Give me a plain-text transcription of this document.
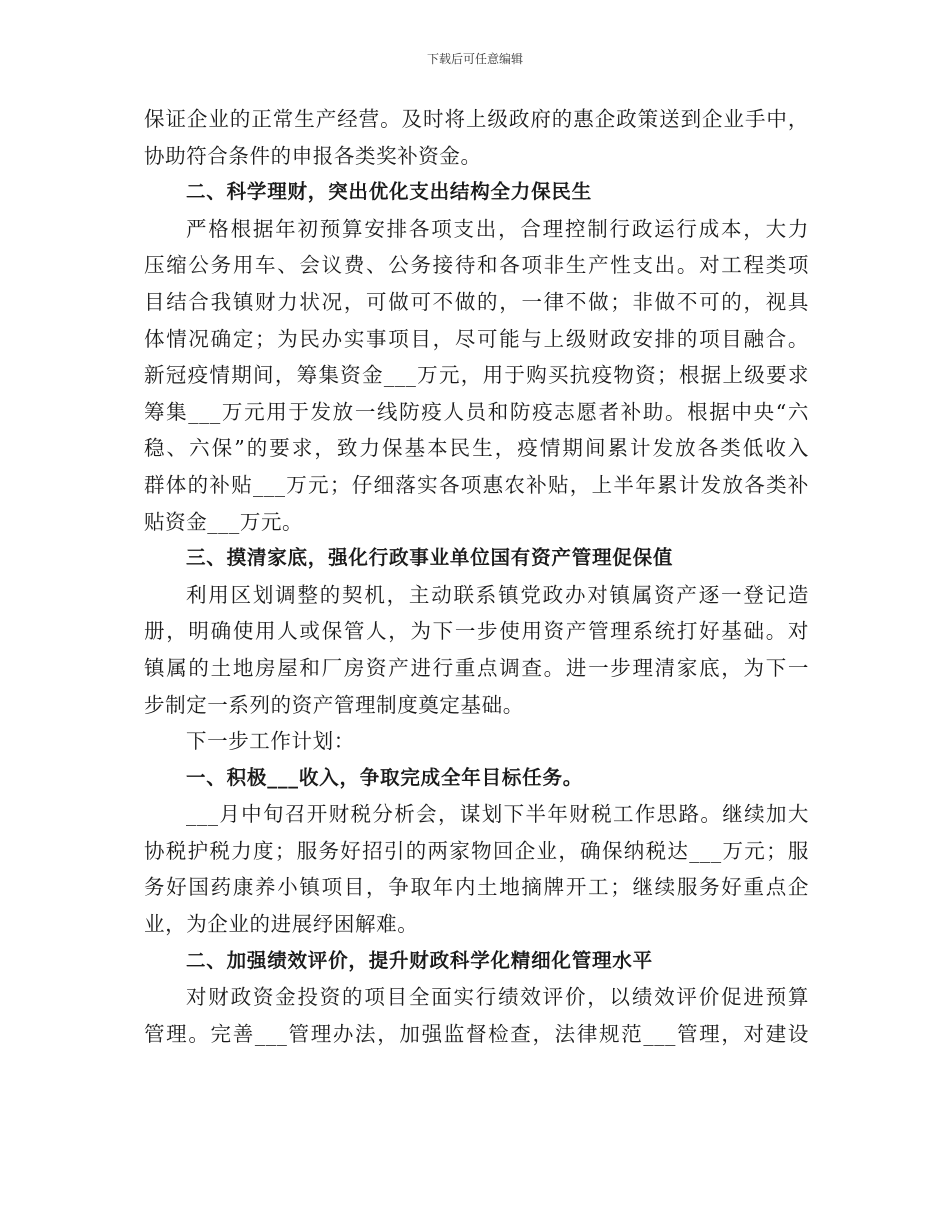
下载后可任意编辑
保证企业的正常生产经营。及时将上级政府的惠企政策送到企业手中，
协助符合条件的申报各类奖补资金。
二、科学理财，突出优化支出结构全力保民生
严格根据年初预算安排各项支出，合理控制行政运行成本，大力
压缩公务用车、会议费、公务接待和各项非生产性支出。对工程类项
目结合我镇财力状况，可做可不做的，一律不做；非做不可的，视具
体情况确定；为民办实事项目，尽可能与上级财政安排的项目融合。
新冠疫情期间，筹集资金___万元，用于购买抗疫物资；根据上级要求
筹集___万元用于发放一线防疫人员和防疫志愿者补助。根据中央“六
稳、六保”的要求，致力保基本民生，疫情期间累计发放各类低收入
群体的补贴___万元；仔细落实各项惠农补贴，上半年累计发放各类补
贴资金___万元。
三、摸清家底，强化行政事业单位国有资产管理促保值
利用区划调整的契机，主动联系镇党政办对镇属资产逐一登记造
册，明确使用人或保管人，为下一步使用资产管理系统打好基础。对
镇属的土地房屋和厂房资产进行重点调查。进一步理清家底，为下一
步制定一系列的资产管理制度奠定基础。
下一步工作计划：
一、积极___收入，争取完成全年目标任务。
___月中旬召开财税分析会，谋划下半年财税工作思路。继续加大
协税护税力度；服务好招引的两家物回企业，确保纳税达___万元；服
务好国药康养小镇项目，争取年内土地摘牌开工；继续服务好重点企
业，为企业的进展纾困解难。
二、加强绩效评价，提升财政科学化精细化管理水平
对财政资金投资的项目全面实行绩效评价，以绩效评价促进预算
管理。完善___管理办法，加强监督检查，法律规范___管理，对建设
